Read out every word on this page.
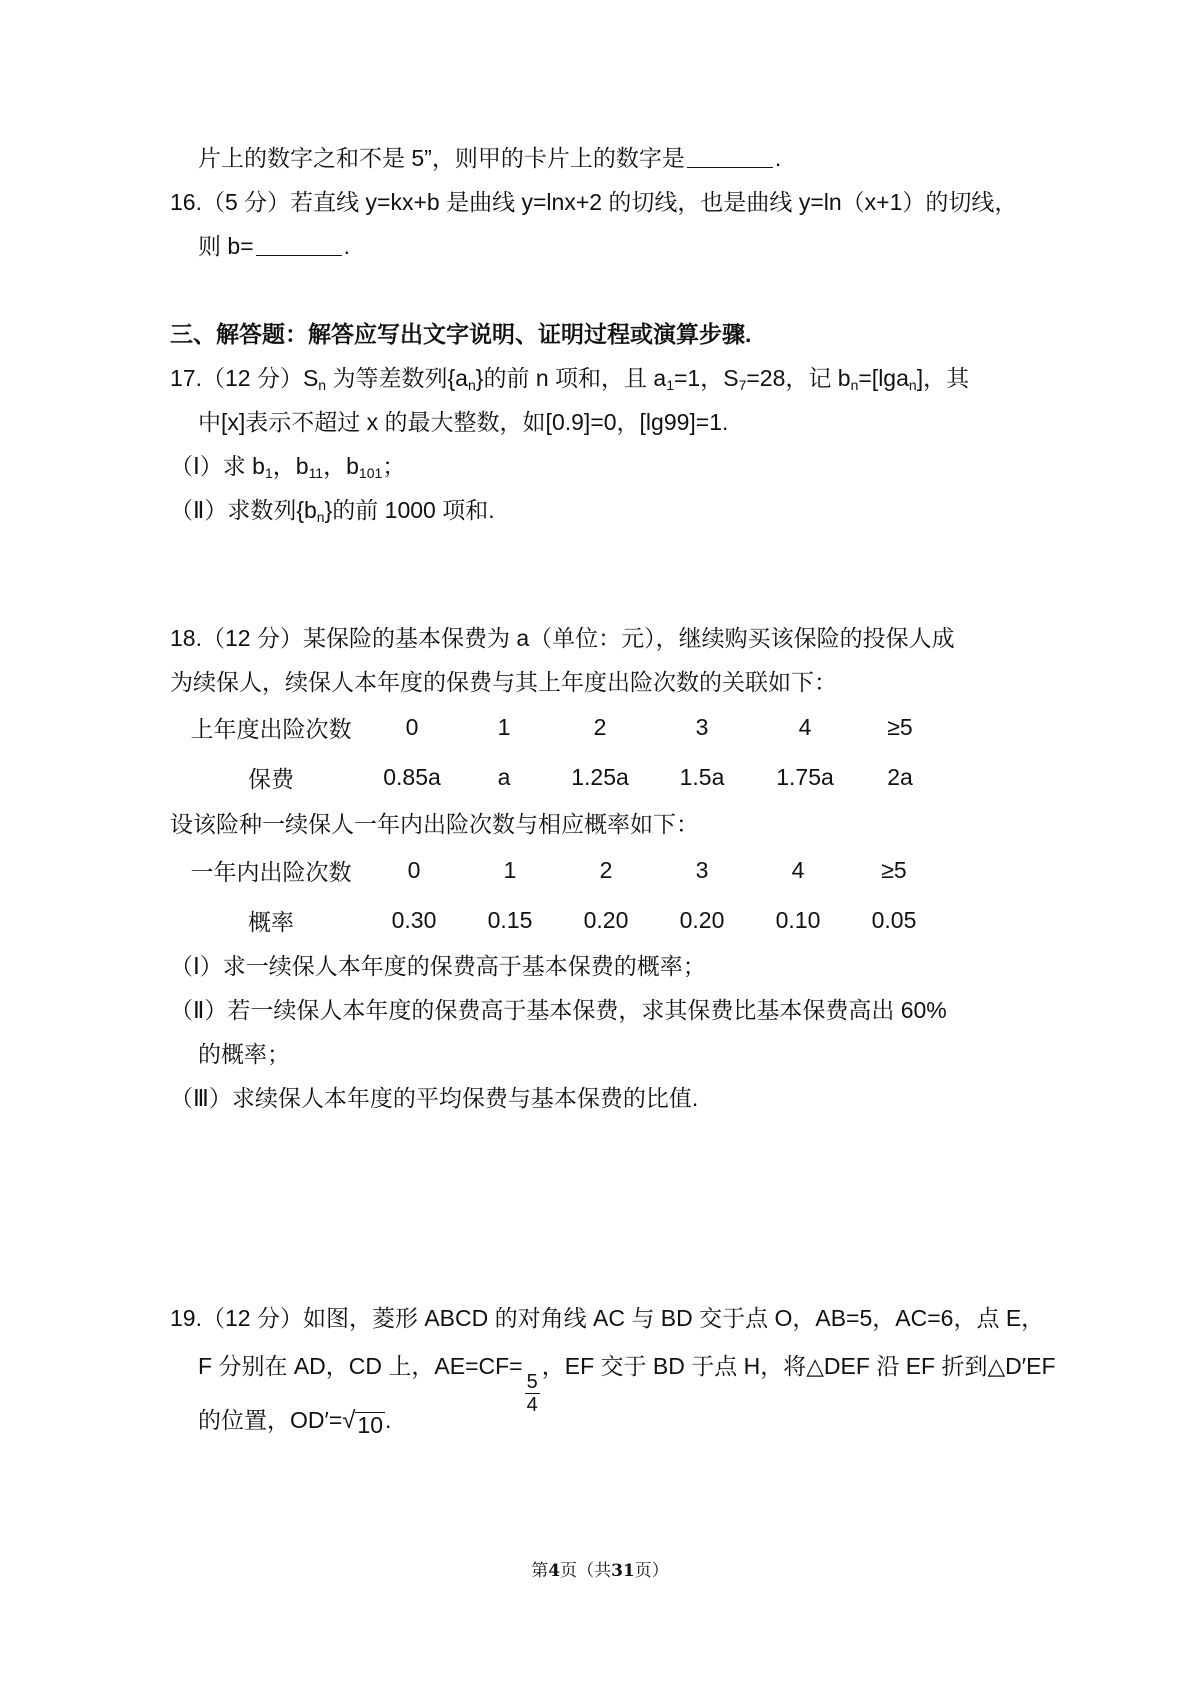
片上的数字之和不是 5”，则甲的卡片上的数字是	.
16.（5 分）若直线 y=kx+b 是曲线 y=lnx+2 的切线，也是曲线 y=ln（x+1）的切线，
则 b=	.
三、解答题：解答应写出文字说明、证明过程或演算步骤.
17.（12 分）$S_n$ 为等差数列$\{a_n\}$的前 n 项和，且 $a_1=1$，$S_7=28$，记 $b_n=[\lg a_n]$，其
中[x]表示不超过 x 的最大整数，如[0.9]=0，[lg99]=1.
（Ⅰ）求 $b_1$，$b_{11}$，$b_{101}$；
（Ⅱ）求数列$\{b_n\}$的前 1000 项和.
18.（12 分）某保险的基本保费为 a（单位：元），继续购买该保险的投保人成
为续保人，续保人本年度的保费与其上年度出险次数的关联如下：
上年度出险次数	0	1	2	3	4	≥5
保费	0.85a	a	1.25a	1.5a	1.75a	2a
设该险种一续保人一年内出险次数与相应概率如下：
一年内出险次数	0	1	2	3	4	≥5
概率	0.30	0.15	0.20	0.20	0.10	0.05
（Ⅰ）求一续保人本年度的保费高于基本保费的概率；
（Ⅱ）若一续保人本年度的保费高于基本保费，求其保费比基本保费高出 60%
的概率；
（Ⅲ）求续保人本年度的平均保费与基本保费的比值.
19.（12 分）如图，菱形 ABCD 的对角线 AC 与 BD 交于点 O，AB=5，AC=6，点 E，
F 分别在 AD，CD 上，AE=CF=
$\frac{5}{4}$
，EF 交于 BD 于点 H，将△DEF 沿 EF 折到△D′EF
的位置，OD′= √ 10 .
第4页（共31页）
